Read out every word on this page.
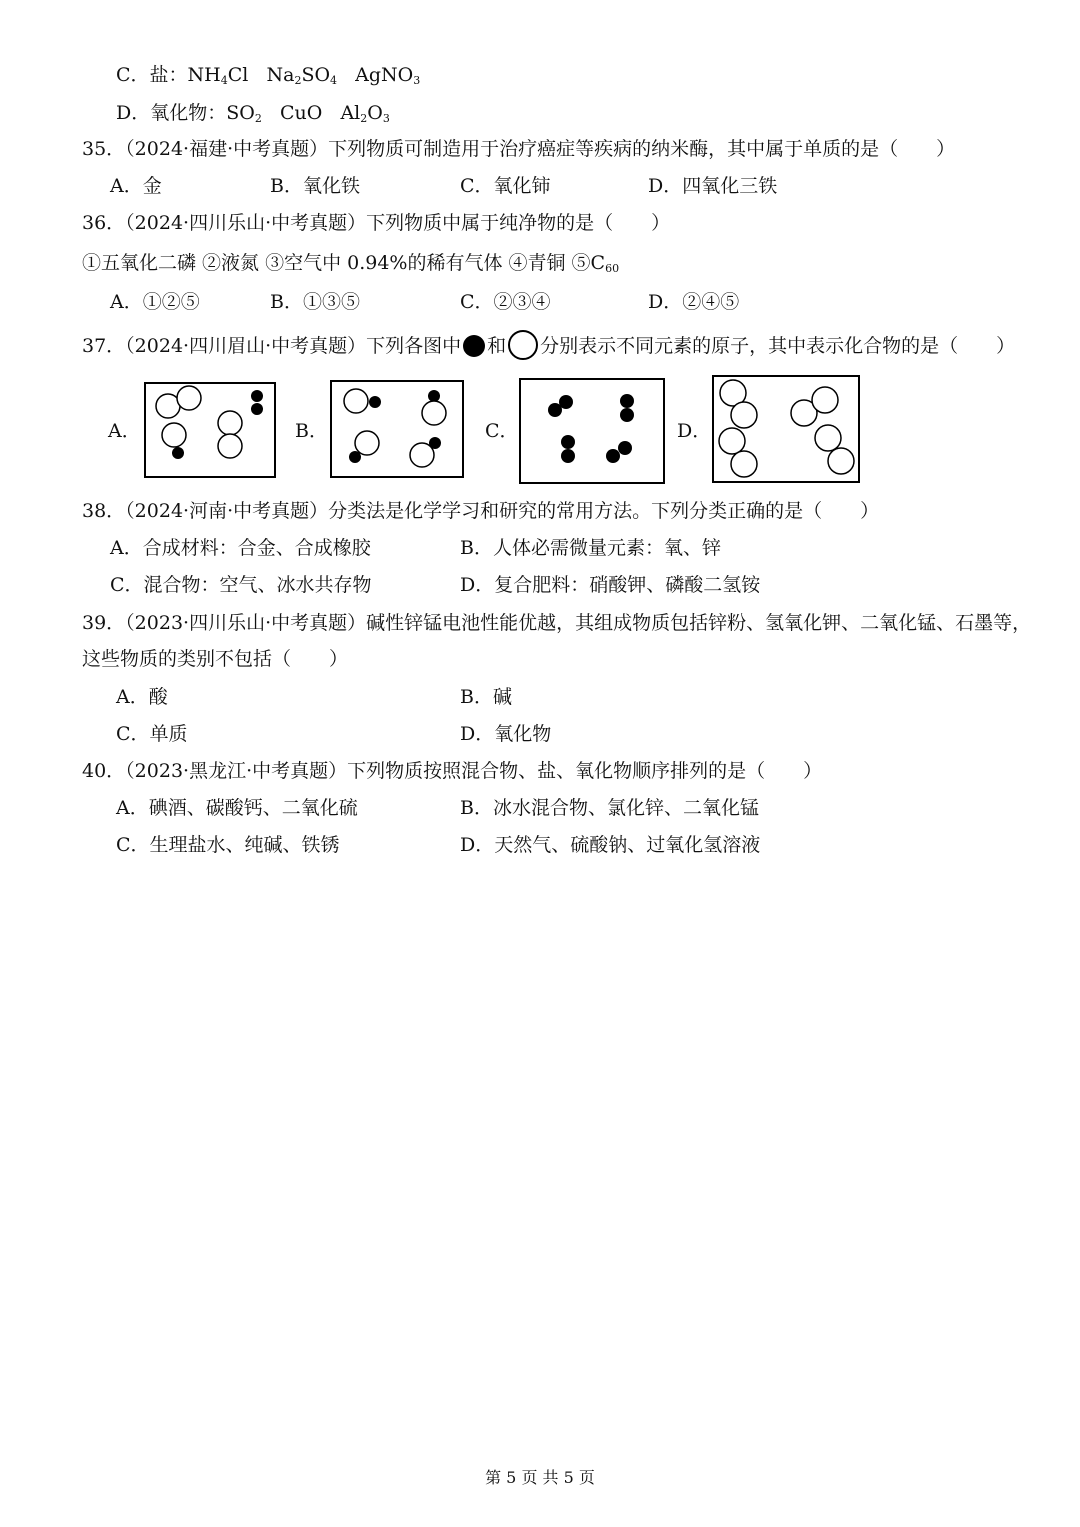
C．盐：$NH_4Cl$ $Na_2SO_4$ AgNO$_3$
D．氧化物：$SO_2$ CuO $Al_2O_3$
35．（2024·福建·中考真题）下列物质可制造用于治疗癌症等疾病的纳米酶，其中属于单质的是（　　）
A．金	B．氧化铁	C．氧化铈	D．四氧化三铁
36．（2024·四川乐山·中考真题）下列物质中属于纯净物的是（　　）
①五氧化二磷 ②液氮 ③空气中 0.94%的稀有气体 ④青铜 $⑤C_{60}$
A．①②⑤	B．①③⑤	C．②③④	D．②④⑤
37．（2024·四川眉山·中考真题）下列各图中 和 分别表示不同元素的原子，其中表示化合物的是（　　）
A．	B．	C．	D．
38．（2024·河南·中考真题）分类法是化学学习和研究的常用方法。下列分类正确的是（　　）
A．合成材料：合金、合成橡胶	B．人体必需微量元素：氧、锌
C．混合物：空气、冰水共存物	D．复合肥料：硝酸钾、磷酸二氢铵
39．（2023·四川乐山·中考真题）碱性锌锰电池性能优越，其组成物质包括锌粉、氢氧化钾、二氧化锰、石墨等，
这些物质的类别不包括（　　）
A．酸	B．碱
C．单质	D．氧化物
40．（2023·黑龙江·中考真题）下列物质按照混合物、盐、氧化物顺序排列的是（　　）
A．碘酒、碳酸钙、二氧化硫	B．冰水混合物、氯化锌、二氧化锰
C．生理盐水、纯碱、铁锈	D．天然气、硫酸钠、过氧化氢溶液
第 5 页 共 5 页
